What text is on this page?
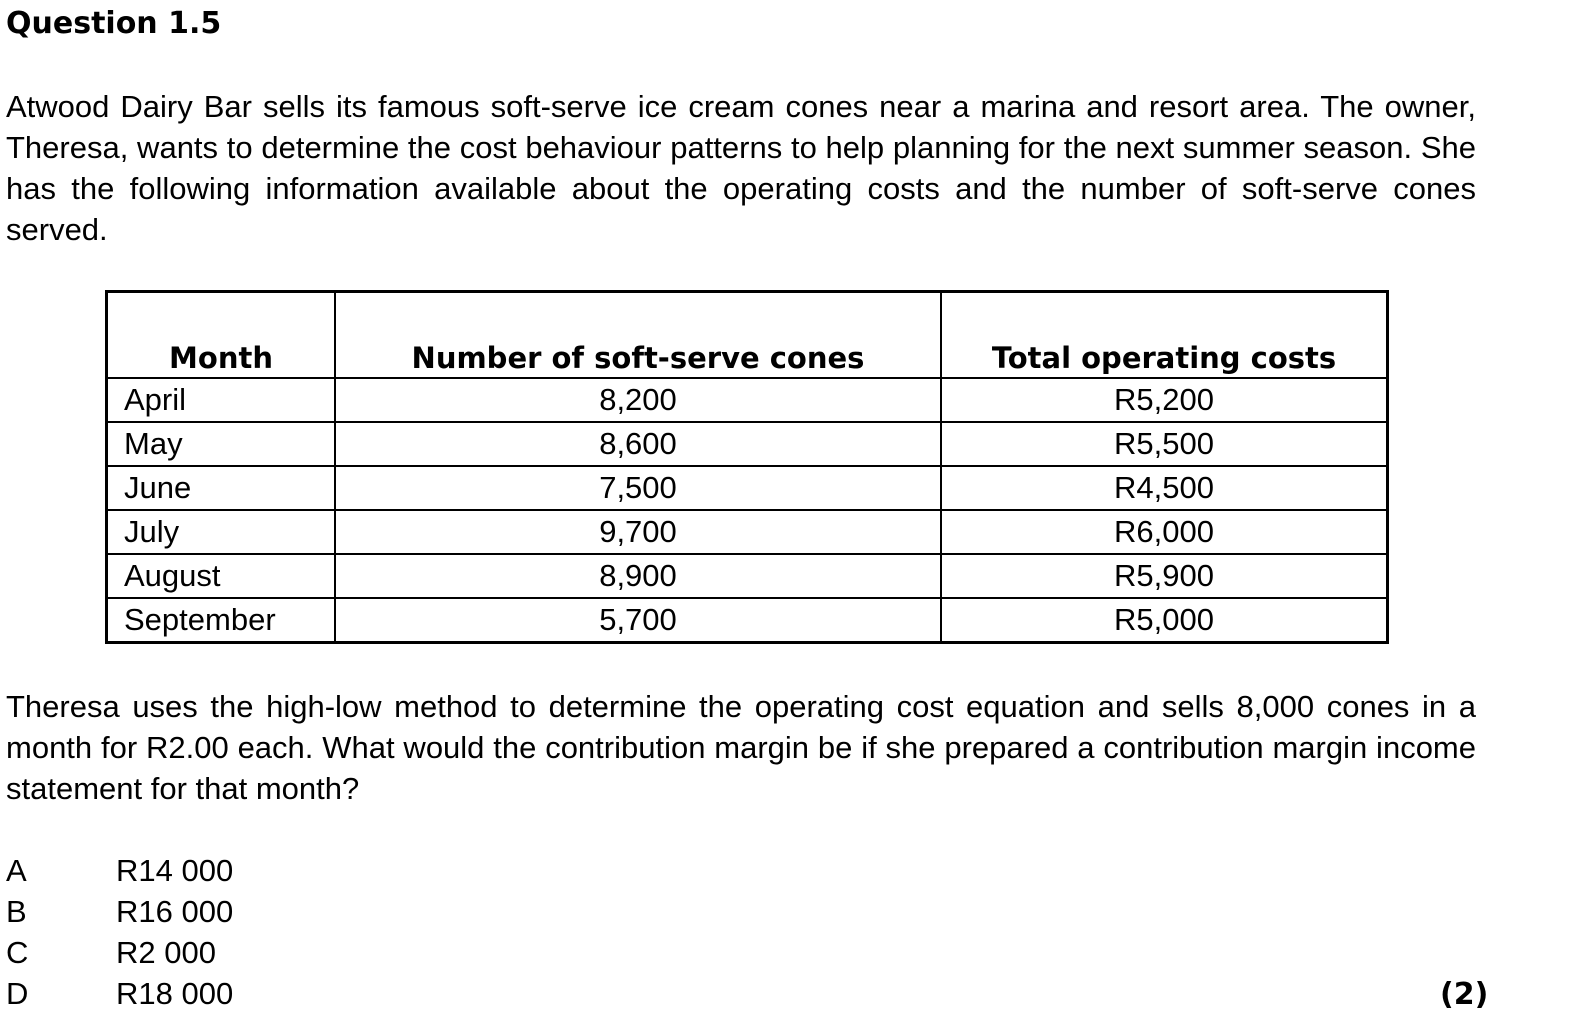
Question 1.5
Atwood Dairy Bar sells its famous soft-serve ice cream cones near a marina and resort area. The owner, Theresa, wants to determine the cost behaviour patterns to help planning for the next summer season. She has the following information available about the operating costs and the number of soft-serve cones served.
Month	Number of soft-serve cones	Total operating costs
April	8,200	R5,200
May	8,600	R5,500
June	7,500	R4,500
July	9,700	R6,000
August	8,900	R5,900
September	5,700	R5,000
Theresa uses the high-low method to determine the operating cost equation and sells 8,000 cones in a month for R2.00 each. What would the contribution margin be if she prepared a contribution margin income statement for that month?
A	R14 000
B	R16 000
C	R2 000
D	R18 000	(2)
